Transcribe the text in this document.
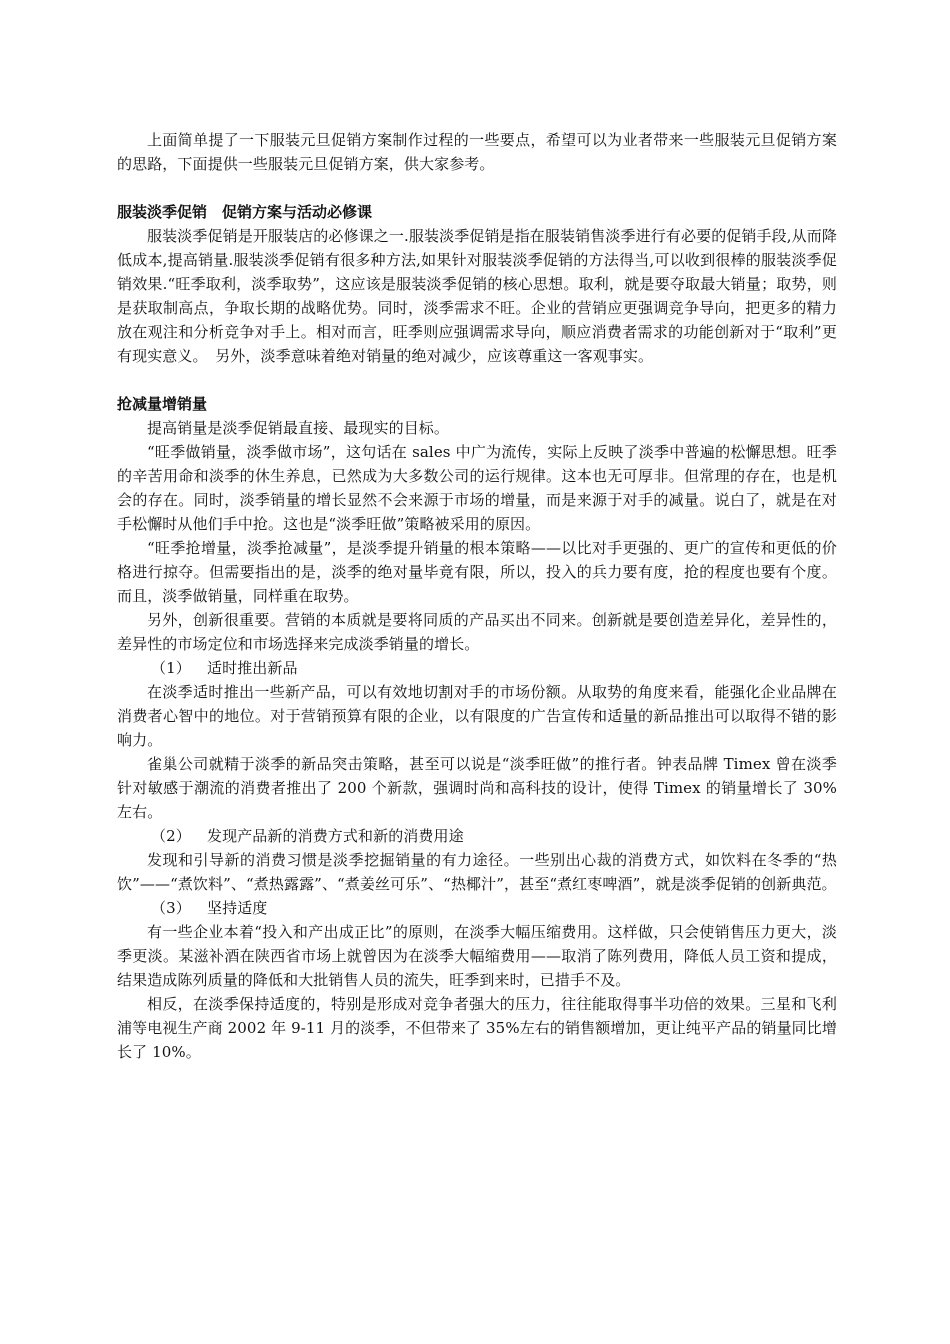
上面简单提了一下服装元旦促销方案制作过程的一些要点，希望可以为业者带来一些服装元旦促销方案的思路，下面提供一些服装元旦促销方案，供大家参考。

服装淡季促销　促销方案与活动必修课

服装淡季促销是开服装店的必修课之一.服装淡季促销是指在服装销售淡季进行有必要的促销手段,从而降低成本,提高销量.服装淡季促销有很多种方法,如果针对服装淡季促销的方法得当,可以收到很棒的服装淡季促销效果.“旺季取利，淡季取势”，这应该是服装淡季促销的核心思想。取利，就是要夺取最大销量；取势，则是获取制高点，争取长期的战略优势。同时，淡季需求不旺。企业的营销应更强调竞争导向，把更多的精力放在观注和分析竞争对手上。相对而言，旺季则应强调需求导向，顺应消费者需求的功能创新对于“取利”更有现实意义。　另外，淡季意味着绝对销量的绝对减少，应该尊重这一客观事实。

抢减量增销量

提高销量是淡季促销最直接、最现实的目标。

“旺季做销量，淡季做市场”，这句话在 sales 中广为流传，实际上反映了淡季中普遍的松懈思想。旺季的辛苦用命和淡季的休生养息，已然成为大多数公司的运行规律。这本也无可厚非。但常理的存在，也是机会的存在。同时，淡季销量的增长显然不会来源于市场的增量，而是来源于对手的减量。说白了，就是在对手松懈时从他们手中抢。这也是“淡季旺做”策略被采用的原因。

“旺季抢增量，淡季抢减量”，是淡季提升销量的根本策略——以比对手更强的、更广的宣传和更低的价格进行掠夺。但需要指出的是，淡季的绝对量毕竟有限，所以，投入的兵力要有度，抢的程度也要有个度。而且，淡季做销量，同样重在取势。

另外，创新很重要。营销的本质就是要将同质的产品买出不同来。创新就是要创造差异化，差异性的，差异性的市场定位和市场选择来完成淡季销量的增长。

（1） 适时推出新品

在淡季适时推出一些新产品，可以有效地切割对手的市场份额。从取势的角度来看，能强化企业品牌在消费者心智中的地位。对于营销预算有限的企业，以有限度的广告宣传和适量的新品推出可以取得不错的影响力。

雀巢公司就精于淡季的新品突击策略，甚至可以说是“淡季旺做”的推行者。钟表品牌 Timex 曾在淡季针对敏感于潮流的消费者推出了 200 个新款，强调时尚和高科技的设计，使得 Timex 的销量增长了 30%左右。

（2） 发现产品新的消费方式和新的消费用途

发现和引导新的消费习惯是淡季挖掘销量的有力途径。一些别出心裁的消费方式，如饮料在冬季的“热饮”——“煮饮料”、“煮热露露”、“煮姜丝可乐”、“热椰汁”，甚至“煮红枣啤酒”，就是淡季促销的创新典范。

（3） 坚持适度

有一些企业本着“投入和产出成正比”的原则，在淡季大幅压缩费用。这样做，只会使销售压力更大，淡季更淡。某滋补酒在陕西省市场上就曾因为在淡季大幅缩费用——取消了陈列费用，降低人员工资和提成，结果造成陈列质量的降低和大批销售人员的流失，旺季到来时，已措手不及。

相反，在淡季保持适度的，特别是形成对竞争者强大的压力，往往能取得事半功倍的效果。三星和飞利浦等电视生产商 2002 年 9-11 月的淡季，不但带来了 35%左右的销售额增加，更让纯平产品的销量同比增长了 10%。
